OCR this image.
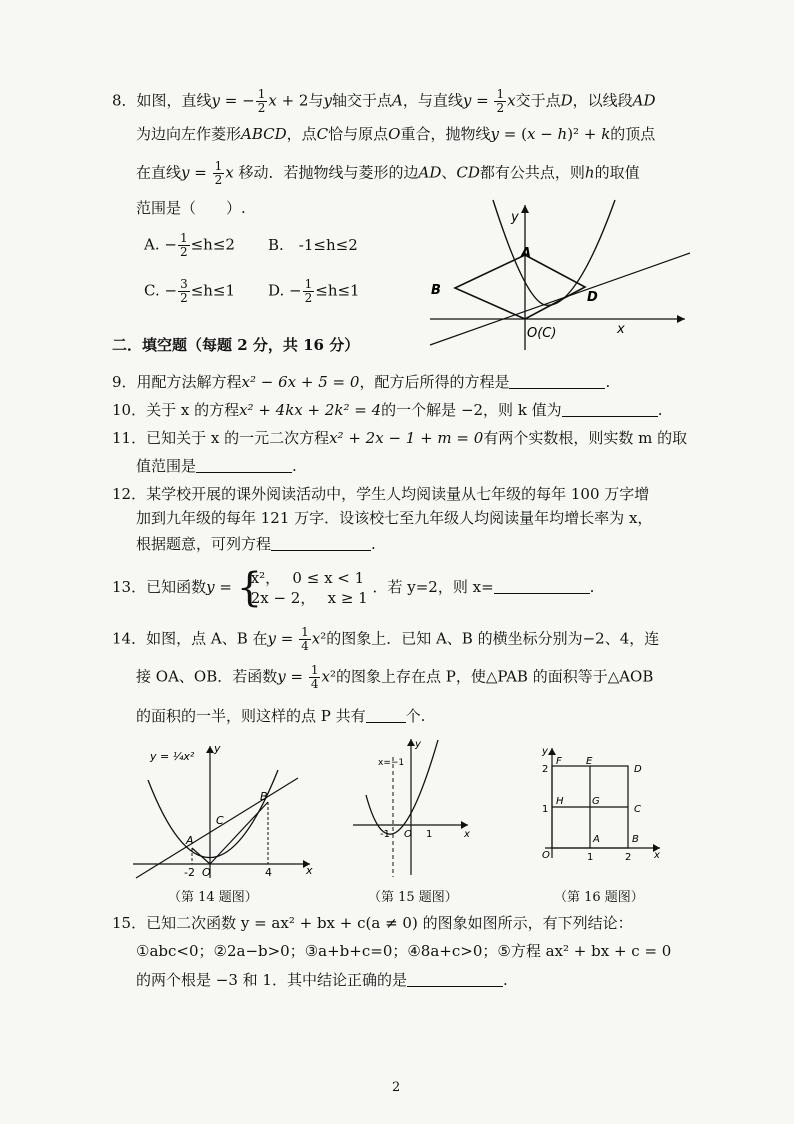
8．如图，直线y = − $\frac{1}{2}$ x + 2与y轴交于点A，与直线$y = \frac{1}{2}$ x交于点D，以线段AD
为边向左作菱形ABCD，点C恰与原点O重合，抛物线y = (x − h)² + k的顶点
在直线$y = \frac{1}{2}$ x 移动．若抛物线与菱形的边AD、CD都有公共点，则h的取值
范围是（　　）.
A. − $\frac{1}{2} \le h\le 2$ B.　-1≤h≤2
C. − $\frac{3}{2} \le h\le 1$ D. − $\frac{1}{2} \le h\le 1$
y
x
A
B	D
O(C)
二．填空题（每题 2 分，共 16 分）
9．用配方法解方程x² − 6x + 5 = 0，配方后所得的方程是	.
10．关于 x 的方程x² + 4kx + 2k² = 4的一个解是 −2，则 k 值为	.
11．已知关于 x 的一元二次方程x² + 2x − 1 + m = 0有两个实数根，则实数 m 的取
值范围是	.
12．某学校开展的课外阅读活动中，学生人均阅读量从七年级的每年 100 万字增
加到九年级的每年 121 万字．设该校七至九年级人均阅读量年均增长率为 x，
根据题意，可列方程	.
13．已知函数y = {
x²，　 0 ≤ x < 1
2x − 2，　 x ≥ 1
．若 y=2，则 x=	.
14．如图，点 A、B 在$y = \frac{1}{4} x^2$的图象上．已知 A、B 的横坐标分别为−2、4，连
接 OA、OB．若函数$y = \frac{1}{4} x^2$的图象上存在点 P，使△PAB 的面积等于△AOB
的面积的一半，则这样的点 P 共有	个.
y = ¼x²
y
x
A
B
C
O
-2	4
（第 14 题图）
x=−1
y
x
-1 O 1
（第 15 题图）
y
x
2
1
O	1	2
F E
D
H	G
C
A	B
（第 16 题图）
15．已知二次函数 y = ax² + bx + c(a ≠ 0) 的图象如图所示，有下列结论：
①abc<0；②2a−b>0；③a+b+c=0；④8a+c>0；⑤方程 ax² + bx + c = 0
的两个根是 −3 和 1．其中结论正确的是	.
2
